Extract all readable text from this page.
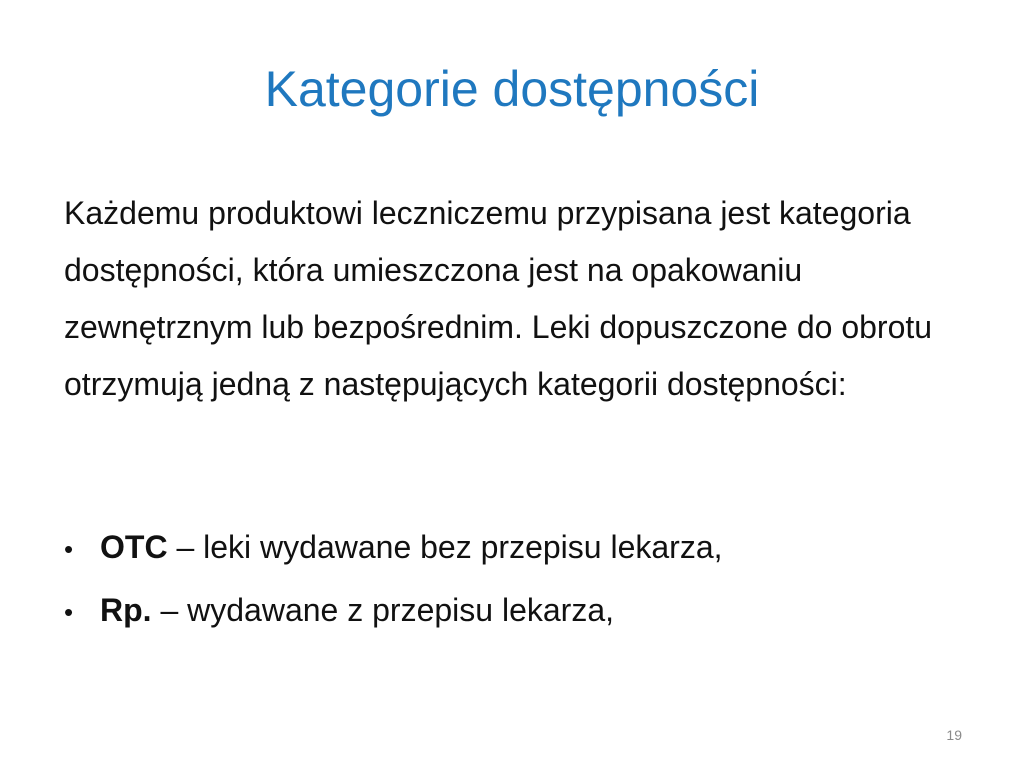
Kategorie dostępności

Każdemu produktowi leczniczemu przypisana jest kategoria dostępności, która umieszczona jest na opakowaniu zewnętrznym lub bezpośrednim. Leki dopuszczone do obrotu otrzymują jedną z następujących kategorii dostępności:

• OTC – leki wydawane bez przepisu lekarza,
• Rp. – wydawane z przepisu lekarza,
19
